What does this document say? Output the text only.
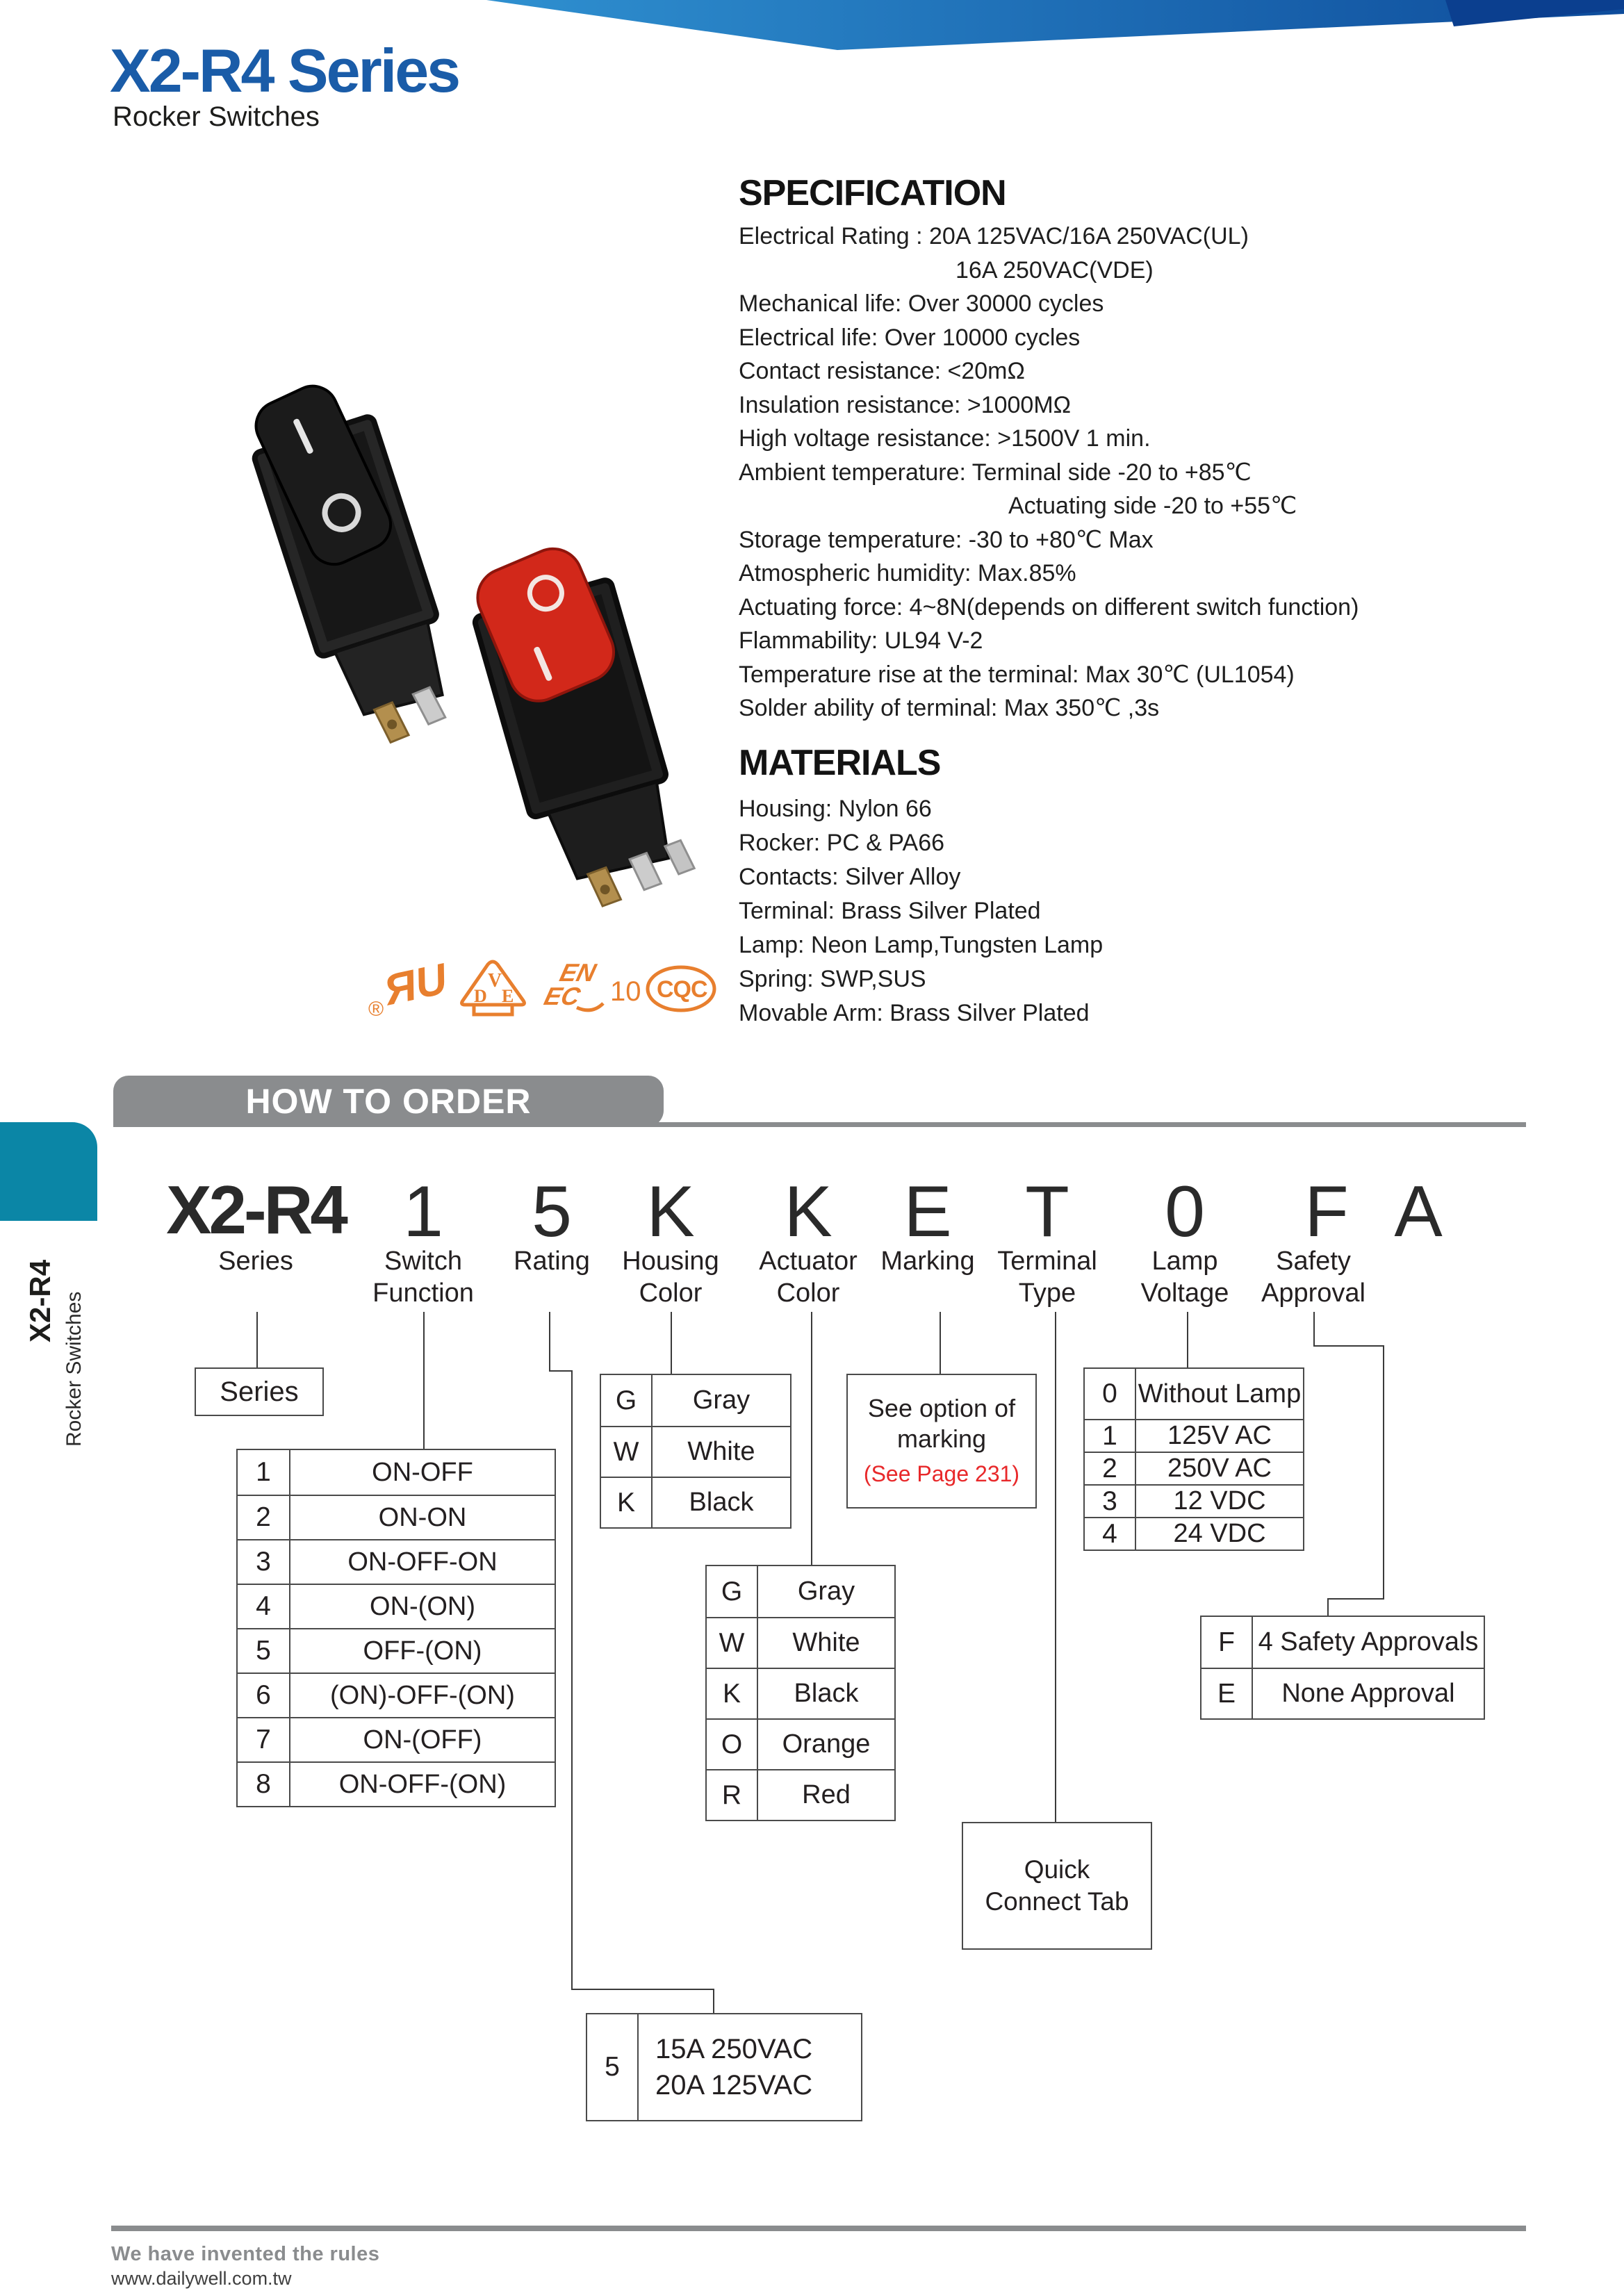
X2-R4 Series
Rocker Switches
SPECIFICATION
Electrical Rating : 20A 125VAC/16A 250VAC(UL)
16A 250VAC(VDE)
Mechanical life: Over 30000 cycles
Electrical life: Over 10000 cycles
Contact resistance: <20mΩ
Insulation resistance: >1000MΩ
High voltage resistance: >1500V 1 min.
Ambient temperature: Terminal side -20 to +85℃
Actuating side -20 to +55℃
Storage temperature: -30 to +80℃ Max
Atmospheric humidity: Max.85%
Actuating force: 4~8N(depends on different switch function)
Flammability: UL94 V-2
Temperature rise at the terminal: Max 30℃ (UL1054)
Solder ability of terminal: Max 350℃ ,3s
MATERIALS
Housing: Nylon 66
Rocker: PC & PA66
Contacts: Silver Alloy
Terminal: Brass Silver Plated
Lamp: Neon Lamp,Tungsten Lamp
Spring: SWP,SUS
Movable Arm: Brass Silver Plated
ЯU
®
V
D E
EN
EC 10 CQC
HOW TO ORDER
X2-R4 1 5 K K E T 0 F A
Series	Switch Function
Rating	Housing Color
Actuator Color
Marking Terminal Type
Lamp Voltage
Safety Approval
Series
1	ON-OFF
2	ON-ON
3	ON-OFF-ON
4	ON-(ON)
5	OFF-(ON)
6	(ON)-OFF-(ON)
7	ON-(OFF)
8	ON-OFF-(ON)
G	Gray
W	White
K	Black
See option of marking
(See Page 231)
G	Gray
W	White
K	Black
O	Orange
R	Red
0 Without Lamp
1	125V AC
2	250V AC
3	12 VDC
4	24 VDC
F 4 Safety Approvals
E	None Approval
Quick Connect Tab
5
15A 250VAC
20A 125VAC
X2-R4 Rocker Switches
We have invented the rules
www.dailywell.com.tw
